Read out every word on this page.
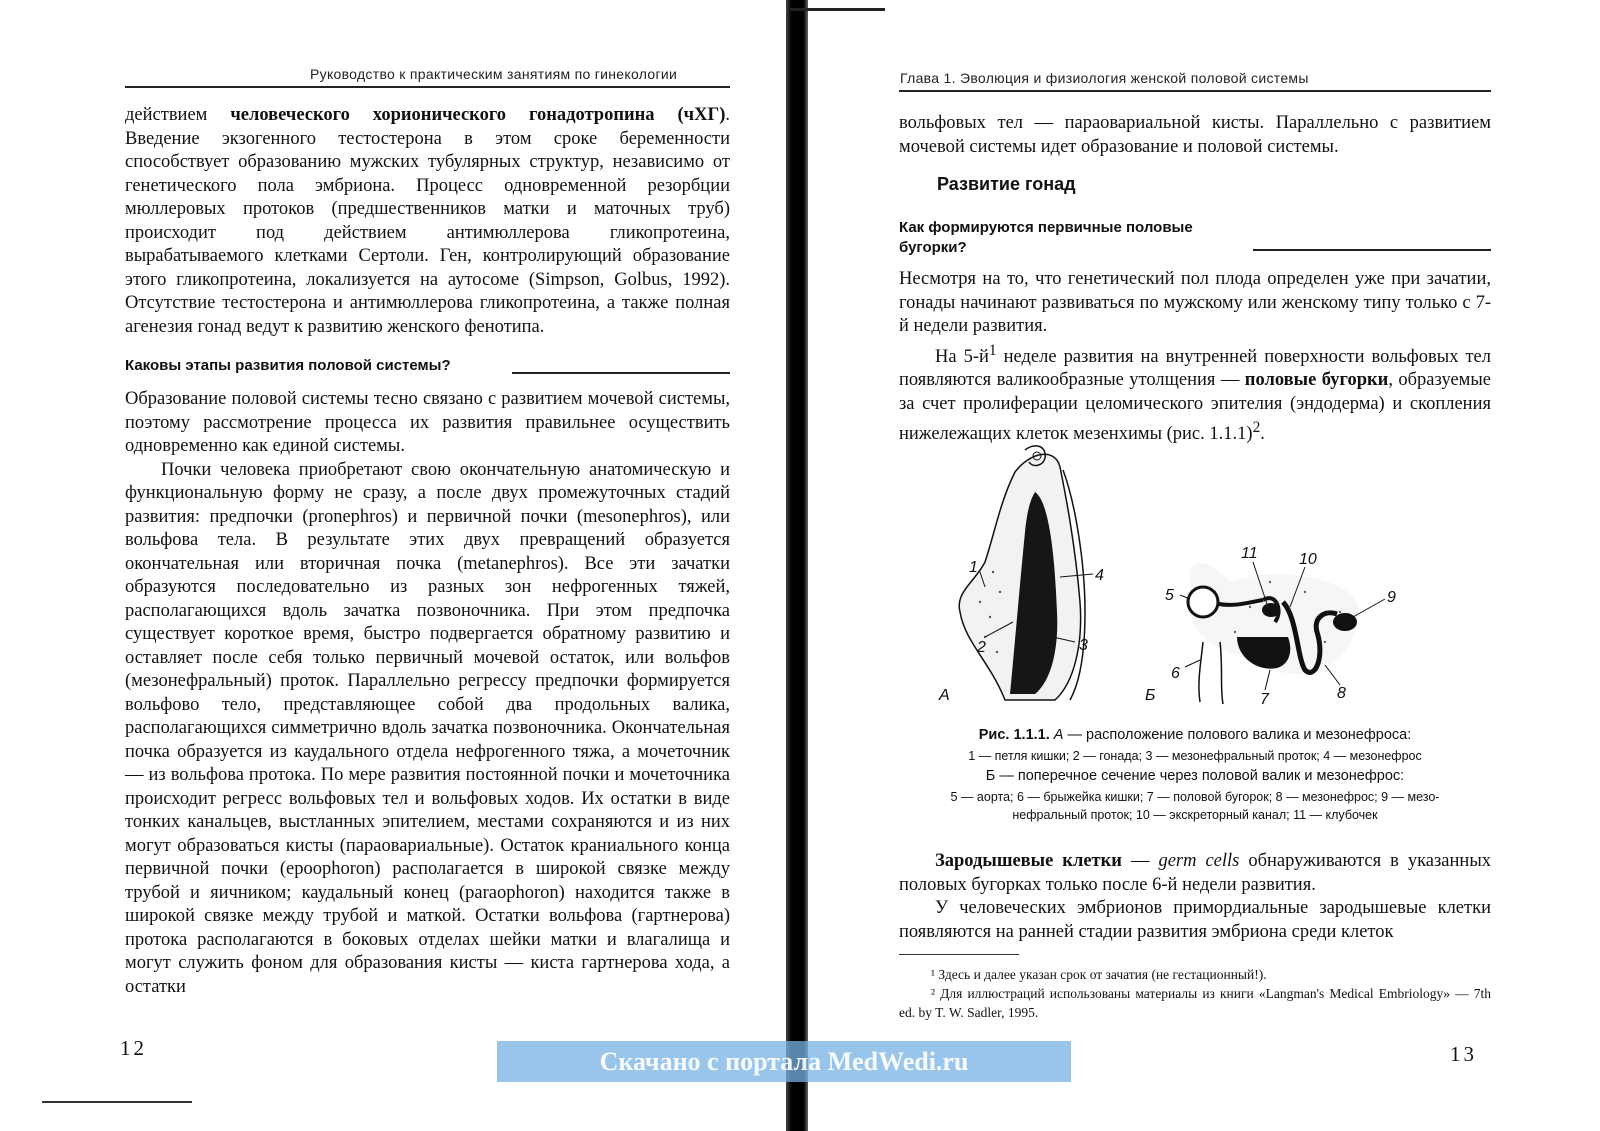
Руководство к практическим занятиям по гинекологии

действием человеческого хорионического гонадотропина (чХГ). Введение экзогенного тестостерона в этом сроке беременности способствует образованию мужских тубулярных структур, независимо от генетического пола эмбриона. Процесс одновременной резорбции мюллеровых протоков (предшественников матки и маточных труб) происходит под действием антимюллерова гликопротеина, вырабатываемого клетками Сертоли. Ген, контролирующий образование этого гликопротеина, локализуется на аутосоме (Simpson, Golbus, 1992). Отсутствие тестостерона и антимюллерова гликопротеина, а также полная агенезия гонад ведут к развитию женского фенотипа.

Каковы этапы развития половой системы?

Образование половой системы тесно связано с развитием мочевой системы, поэтому рассмотрение процесса их развития правильнее осуществить одновременно как единой системы.

Почки человека приобретают свою окончательную анатомическую и функциональную форму не сразу, а после двух промежуточных стадий развития: предпочки (pronephros) и первичной почки (mesonephros), или вольфова тела. В результате этих двух превращений образуется окончательная или вторичная почка (metanephros). Все эти зачатки образуются последовательно из разных зон нефрогенных тяжей, располагающихся вдоль зачатка позвоночника. При этом предпочка существует короткое время, быстро подвергается обратному развитию и оставляет после себя только первичный мочевой остаток, или вольфов (мезонефральный) проток. Параллельно регрессу предпочки формируется вольфово тело, представляющее собой два продольных валика, располагающихся симметрично вдоль зачатка позвоночника. Окончательная почка образуется из каудального отдела нефрогенного тяжа, а мочеточник — из вольфова протока. По мере развития постоянной почки и мочеточника происходит регресс вольфовых тел и вольфовых ходов. Их остатки в виде тонких канальцев, выстланных эпителием, местами сохраняются и из них могут образоваться кисты (параовариальные). Остаток краниального конца первичной почки (epoophoron) располагается в широкой связке между трубой и яичником; каудальный конец (paraophoron) находится также в широкой связке между трубой и маткой. Остатки вольфова (гартнерова) протока располагаются в боковых отделах шейки матки и влагалища и могут служить фоном для образования кисты — киста гартнерова хода, а остатки

12
Глава 1. Эволюция и физиология женской половой системы

вольфовых тел — параовариальной кисты. Параллельно с развитием мочевой системы идет образование и половой системы.

Развитие гонад
Как формируются первичные половые
бугорки?

Несмотря на то, что генетический пол плода определен уже при зачатии, гонады начинают развиваться по мужскому или женскому типу только с 7-й недели развития.

На $5-й^1$ неделе развития на внутренней поверхности вольфовых тел появляются валикообразные утолщения — половые бугорки, образуемые за счет пролиферации целомического эпителия (эндодерма) и скопления нижележащих клеток мезенхимы (рис. 1.1.1)$^2$.

Рис. 1.1.1. А — расположение полового валика и мезонефроса:

1 — петля кишки; 2 — гонада; 3 — мезонефральный проток; 4 — мезонефрос

Б — поперечное сечение через половой валик и мезонефрос:

5 — аорта; 6 — брыжейка кишки; 7 — половой бугорок; 8 — мезонефрос; 9 — мезо-

нефральный проток; 10 — экскреторный канал; 11 — клубочек

Зародышевые клетки — germ cells обнаруживаются в указанных половых бугорках только после 6-й недели развития.

У человеческих эмбрионов примордиальные зародышевые клетки появляются на ранней стадии развития эмбриона среди клеток

¹ Здесь и далее указан срок от зачатия (не гестационный!).

² Для иллюстраций использованы материалы из книги «Langman's Medical Embriology» — 7th ed. by T. W. Sadler, 1995.

13
1
2	3
4
А
5
6
7	8
9
10
11
Б
Скачано с портала MedWedi.ru
